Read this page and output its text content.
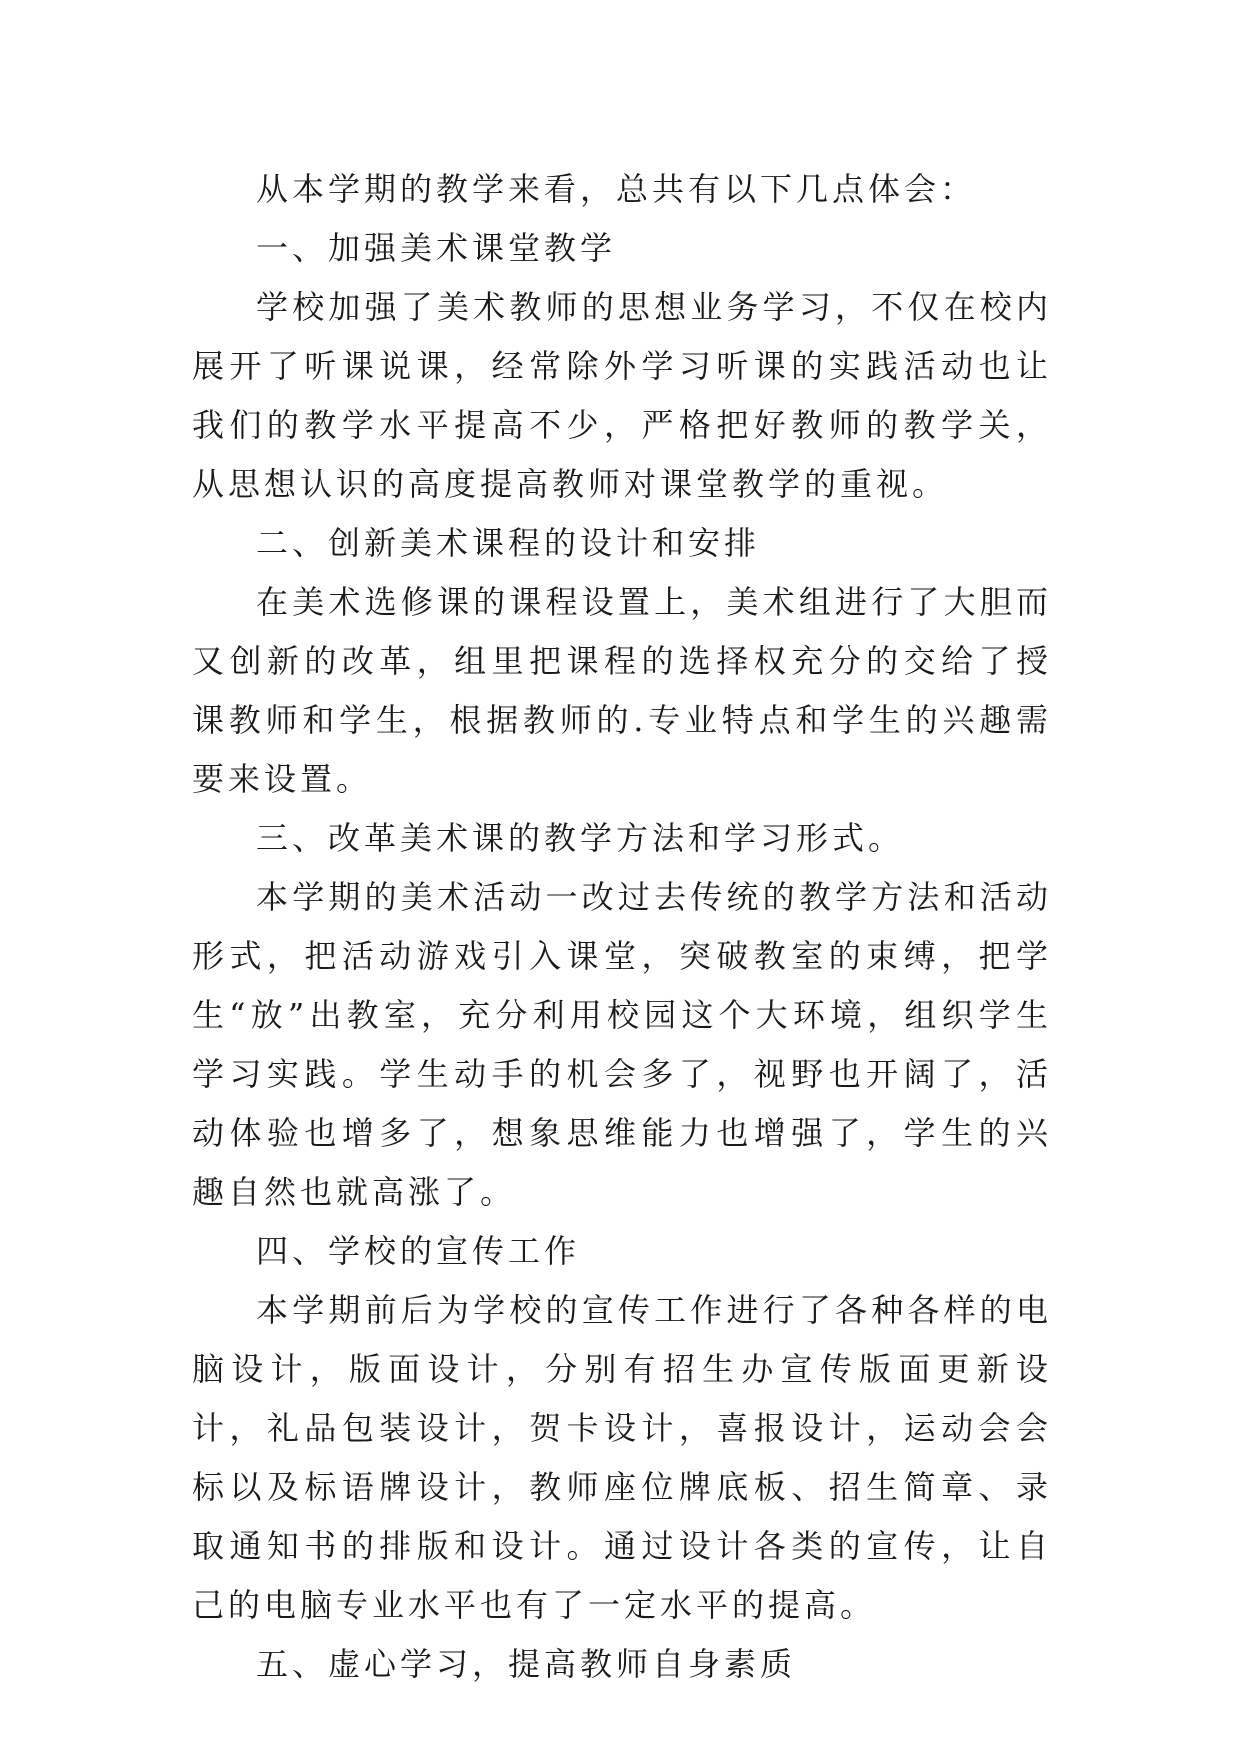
从本学期的教学来看，总共有以下几点体会：

一、加强美术课堂教学

学校加强了美术教师的思想业务学习，不仅在校内展开了听课说课，经常除外学习听课的实践活动也让我们的教学水平提高不少，严格把好教师的教学关，从思想认识的高度提高教师对课堂教学的重视。

二、创新美术课程的设计和安排

在美术选修课的课程设置上，美术组进行了大胆而又创新的改革，组里把课程的选择权充分的交给了授课教师和学生，根据教师的.专业特点和学生的兴趣需要来设置。

三、改革美术课的教学方法和学习形式。

本学期的美术活动一改过去传统的教学方法和活动形式，把活动游戏引入课堂，突破教室的束缚，把学生“放”出教室，充分利用校园这个大环境，组织学生学习实践。学生动手的机会多了，视野也开阔了，活动体验也增多了，想象思维能力也增强了，学生的兴趣自然也就高涨了。

四、学校的宣传工作

本学期前后为学校的宣传工作进行了各种各样的电脑设计，版面设计，分别有招生办宣传版面更新设计，礼品包装设计，贺卡设计，喜报设计，运动会会标以及标语牌设计，教师座位牌底板、招生简章、录取通知书的排版和设计。通过设计各类的宣传，让自己的电脑专业水平也有了一定水平的提高。

五、虚心学习，提高教师自身素质
